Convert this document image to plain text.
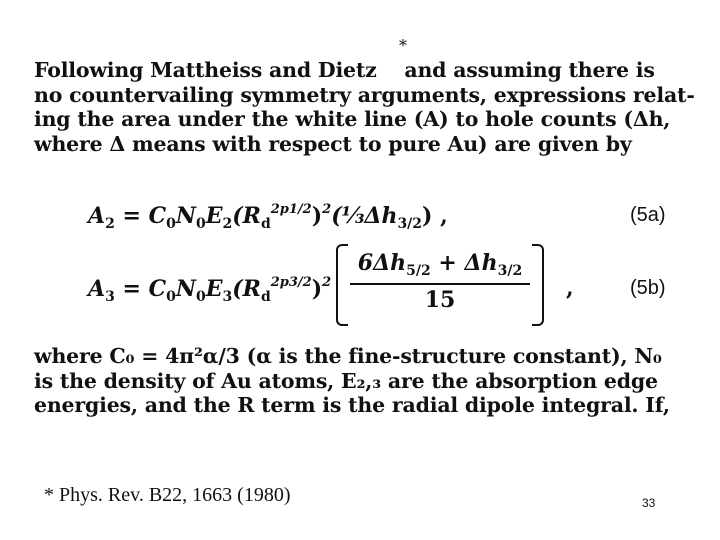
Following Mattheiss and Dietz    and assuming there is
no countervailing symmetry arguments, expressions relat-
ing the area under the white line (A) to hole counts (Δh,
where Δ means with respect to pure Au) are given by
*
$A_2$ = $C_0N_0E_2(R_d^{2p1/2})^2(\frac{1}{3}\Delta h_{3/2})$ ,	(5a)
$A_3 = C_0N_0E_3(R_d^{2p3/2})^2$
$6\Delta h_{5/2} + \Delta h_{3/2}$
15	,	(5b)
where C₀ = 4π²α/3 (α is the fine-structure constant), N₀
is the density of Au atoms, E₂,₃ are the absorption edge
energies, and the R term is the radial dipole integral. If,
* Phys. Rev. B22, 1663 (1980)	33
